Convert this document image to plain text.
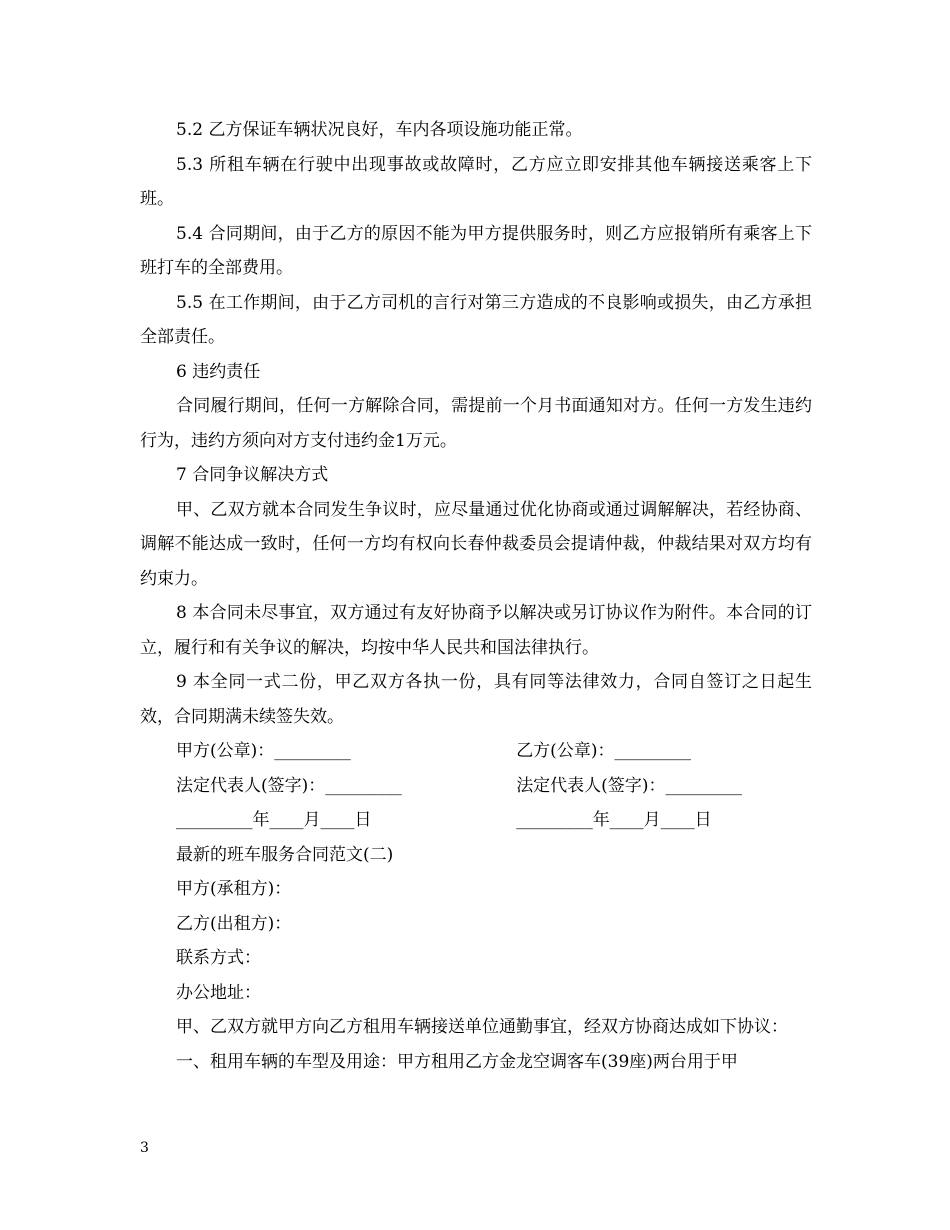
5.2 乙方保证车辆状况良好，车内各项设施功能正常。

5.3 所租车辆在行驶中出现事故或故障时，乙方应立即安排其他车辆接送乘客上下班。

5.4 合同期间，由于乙方的原因不能为甲方提供服务时，则乙方应报销所有乘客上下班打车的全部费用。

5.5 在工作期间，由于乙方司机的言行对第三方造成的不良影响或损失，由乙方承担全部责任。

6 违约责任

合同履行期间，任何一方解除合同，需提前一个月书面通知对方。任何一方发生违约行为，违约方须向对方支付违约金1万元。

7 合同争议解决方式

甲、乙双方就本合同发生争议时，应尽量通过优化协商或通过调解解决，若经协商、调解不能达成一致时，任何一方均有权向长春仲裁委员会提请仲裁，仲裁结果对双方均有约束力。

8 本合同未尽事宜，双方通过有友好协商予以解决或另订协议作为附件。本合同的订立，履行和有关争议的解决，均按中华人民共和国法律执行。

9 本全同一式二份，甲乙双方各执一份，具有同等法律效力，合同自签订之日起生效，合同期满未续签失效。

甲方(公章)：_________	乙方(公章)：_________
法定代表人(签字)：_________	法定代表人(签字)：_________
_________年____月____日	_________年____月____日

最新的班车服务合同范文(二)

甲方(承租方)：

乙方(出租方)：

联系方式：

办公地址：

甲、乙双方就甲方向乙方租用车辆接送单位通勤事宜，经双方协商达成如下协议：

一、租用车辆的车型及用途：甲方租用乙方金龙空调客车(39座)两台用于甲

3
